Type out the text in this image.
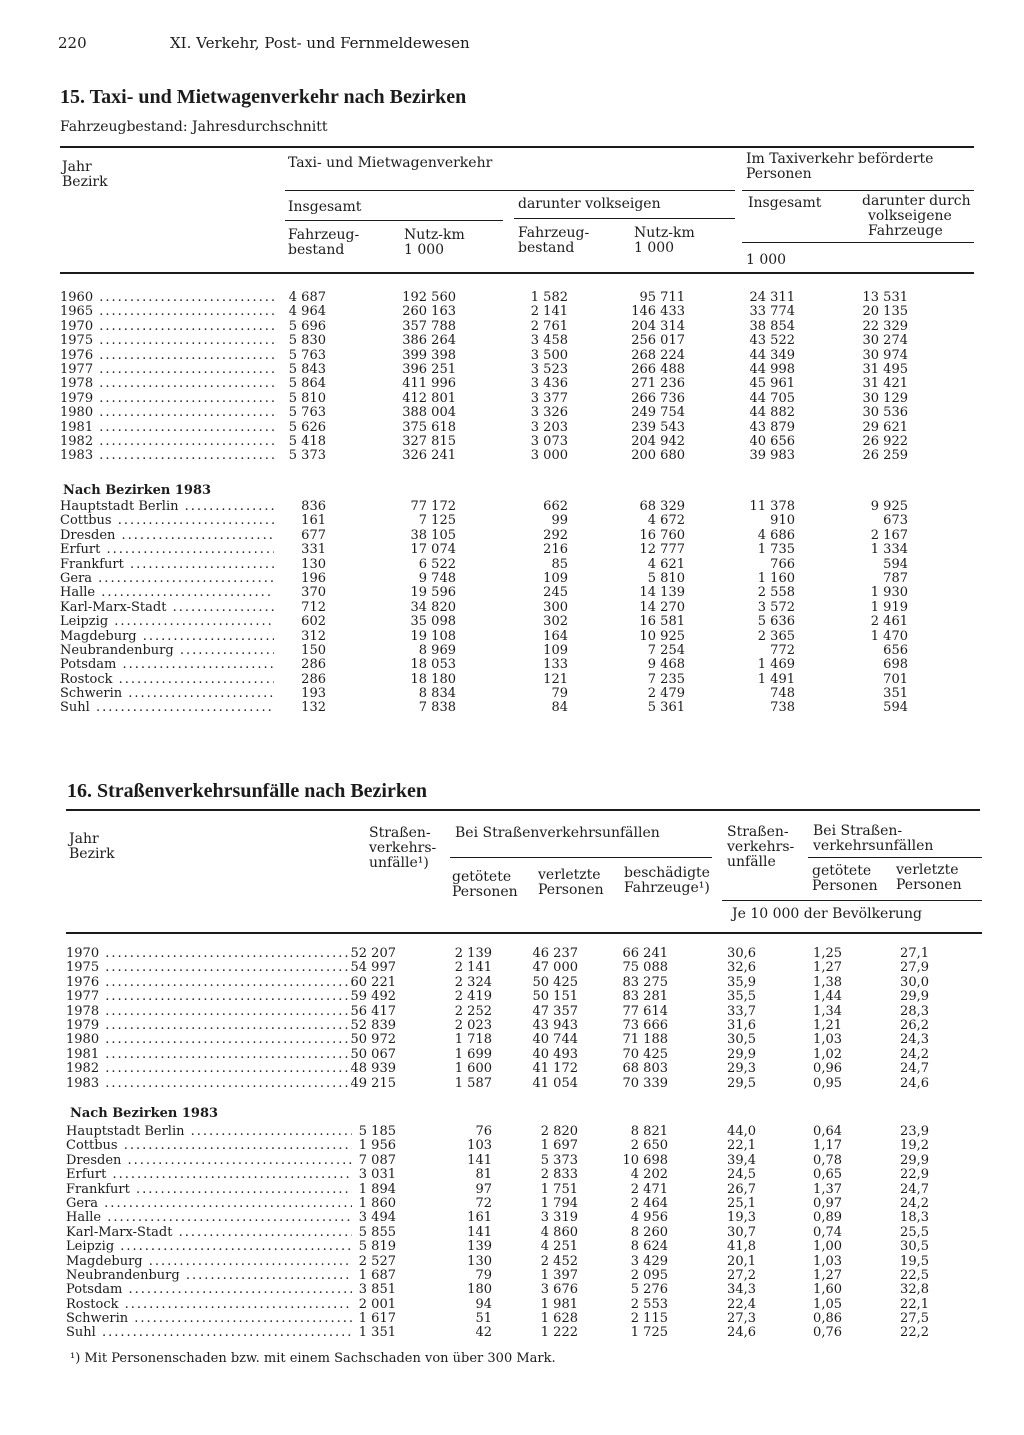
220	XI. Verkehr, Post- und Fernmeldewesen
15. Taxi- und Mietwagenverkehr nach Bezirken
Fahrzeugbestand: Jahresdurchschnitt
Jahr
Bezirk
Taxi- und Mietwagenverkehr	Im Taxiverkehr beförderte
Personen
Insgesamt	darunter volkseigen	Insgesamt	darunter durch
volkseigene
Fahrzeuge
Fahrzeug-
bestand
Nutz-km
1 000
Fahrzeug-
bestand
Nutz-km
1 000
1 000
1960 .....	4 687	192 560	1 582	95 711	24 311	13 531
1965 .....	4 964	260 163	2 141	146 433	33 774	20 135
1970 .....	5 696	357 788	2 761	204 314	38 854	22 329
1975 .....	5 830	386 264	3 458	256 017	43 522	30 274
1976 .....	5 763	399 398	3 500	268 224	44 349	30 974
1977 .....	5 843	396 251	3 523	266 488	44 998	31 495
1978 .....	5 864	411 996	3 436	271 236	45 961	31 421
1979 .....	5 810	412 801	3 377	266 736	44 705	30 129
1980 .....	5 763	388 004	3 326	249 754	44 882	30 536
1981 .....	5 626	375 618	3 203	239 543	43 879	29 621
1982 .....	5 418	327 815	3 073	204 942	40 656	26 922
1983 .....	5 373	326 241	3 000	200 680	39 983	26 259
Nach Bezirken 1983
Hauptstadt Berlin .....	836	77 172	662	68 329	11 378	9 925
Cottbus .....	161	7 125	99	4 672	910	673
Dresden .....	677	38 105	292	16 760	4 686	2 167
Erfurt .....	331	17 074	216	12 777	1 735	1 334
Frankfurt .....	130	6 522	85	4 621	766	594
Gera .....	196	9 748	109	5 810	1 160	787
Halle .....	370	19 596	245	14 139	2 558	1 930
Karl-Marx-Stadt .....	712	34 820	300	14 270	3 572	1 919
Leipzig .....	602	35 098	302	16 581	5 636	2 461
Magdeburg .....	312	19 108	164	10 925	2 365	1 470
Neubrandenburg .....	150	8 969	109	7 254	772	656
Potsdam .....	286	18 053	133	9 468	1 469	698
Rostock .....	286	18 180	121	7 235	1 491	701
Schwerin .....	193	8 834	79	2 479	748	351
Suhl .....	132	7 838	84	5 361	738	594
16. Straßenverkehrsunfälle nach Bezirken
Jahr
Bezirk
Straßen-
verkehrs-
unfälle¹)
Bei Straßenverkehrsunfällen	Straßen-
verkehrs-
unfälle
Bei Straßen-
verkehrsunfällen
getötete
Personen
verletzte
Personen
beschädigte
Fahrzeuge¹)
getötete
Personen
verletzte
Personen
Je 10 000 der Bevölkerung
1970 .....	52 207	2 139	46 237	66 241	30,6	1,25	27,1
1975 .....	54 997	2 141	47 000	75 088	32,6	1,27	27,9
1976 .....	60 221	2 324	50 425	83 275	35,9	1,38	30,0
1977 .....	59 492	2 419	50 151	83 281	35,5	1,44	29,9
1978 .....	56 417	2 252	47 357	77 614	33,7	1,34	28,3
1979 .....	52 839	2 023	43 943	73 666	31,6	1,21	26,2
1980 .....	50 972	1 718	40 744	71 188	30,5	1,03	24,3
1981 .....	50 067	1 699	40 493	70 425	29,9	1,02	24,2
1982 .....	48 939	1 600	41 172	68 803	29,3	0,96	24,7
1983 .....	49 215	1 587	41 054	70 339	29,5	0,95	24,6
Nach Bezirken 1983
Hauptstadt Berlin .....	5 185	76	2 820	8 821	44,0	0,64	23,9
Cottbus .....	1 956	103	1 697	2 650	22,1	1,17	19,2
Dresden .....	7 087	141	5 373	10 698	39,4	0,78	29,9
Erfurt .....	3 031	81	2 833	4 202	24,5	0,65	22,9
Frankfurt .....	1 894	97	1 751	2 471	26,7	1,37	24,7
Gera .....	1 860	72	1 794	2 464	25,1	0,97	24,2
Halle .....	3 494	161	3 319	4 956	19,3	0,89	18,3
Karl-Marx-Stadt .....	5 855	141	4 860	8 260	30,7	0,74	25,5
Leipzig .....	5 819	139	4 251	8 624	41,8	1,00	30,5
Magdeburg .....	2 527	130	2 452	3 429	20,1	1,03	19,5
Neubrandenburg .....	1 687	79	1 397	2 095	27,2	1,27	22,5
Potsdam .....	3 851	180	3 676	5 276	34,3	1,60	32,8
Rostock .....	2 001	94	1 981	2 553	22,4	1,05	22,1
Schwerin .....	1 617	51	1 628	2 115	27,3	0,86	27,5
Suhl .....	1 351	42	1 222	1 725	24,6	0,76	22,2
¹) Mit Personenschaden bzw. mit einem Sachschaden von über 300 Mark.
